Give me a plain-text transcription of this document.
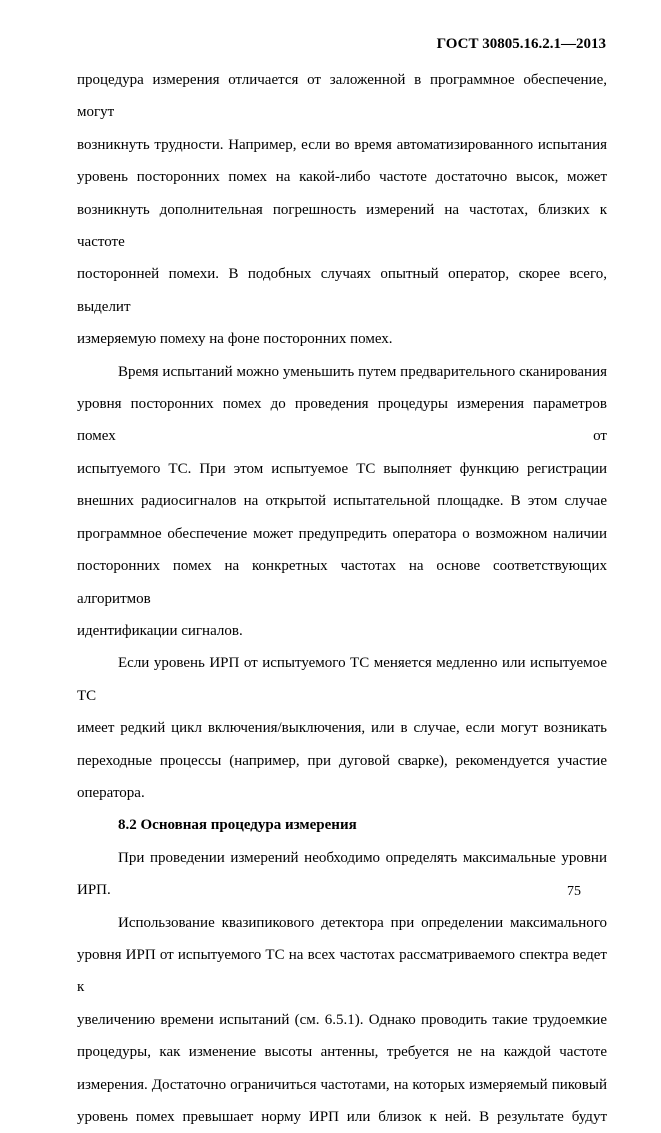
ГОСТ 30805.16.2.1—2013

процедура измерения отличается от заложенной в программное обеспечение, могут

возникнуть трудности. Например, если во время автоматизированного испытания

уровень посторонних помех на какой-либо частоте достаточно высок, может

возникнуть дополнительная погрешность измерений на частотах, близких к частоте

посторонней помехи. В подобных случаях опытный оператор, скорее всего, выделит

измеряемую помеху на фоне посторонних помех.

Время испытаний можно уменьшить путем предварительного сканирования

уровня посторонних помех до проведения процедуры измерения параметров помех от

испытуемого ТС. При этом испытуемое ТС выполняет функцию регистрации

внешних радиосигналов на открытой испытательной площадке. В этом случае

программное обеспечение может предупредить оператора о возможном наличии

посторонних помех на конкретных частотах на основе соответствующих алгоритмов

идентификации сигналов.

Если уровень ИРП от испытуемого ТС меняется медленно или испытуемое ТС

имеет редкий цикл включения/выключения, или в случае, если могут возникать

переходные процессы (например, при дуговой сварке), рекомендуется участие

оператора.

8.2 Основная процедура измерения

При проведении измерений необходимо определять максимальные уровни

ИРП.

Использование квазипикового детектора при определении максимального

уровня ИРП от испытуемого ТС на всех частотах рассматриваемого спектра ведет к

увеличению времени испытаний (см. 6.5.1). Однако проводить такие трудоемкие

процедуры, как изменение высоты антенны, требуется не на каждой частоте

измерения. Достаточно ограничиться частотами, на которых измеряемый пиковый

уровень помех превышает норму ИРП или близок к ней. В результате будут

75
